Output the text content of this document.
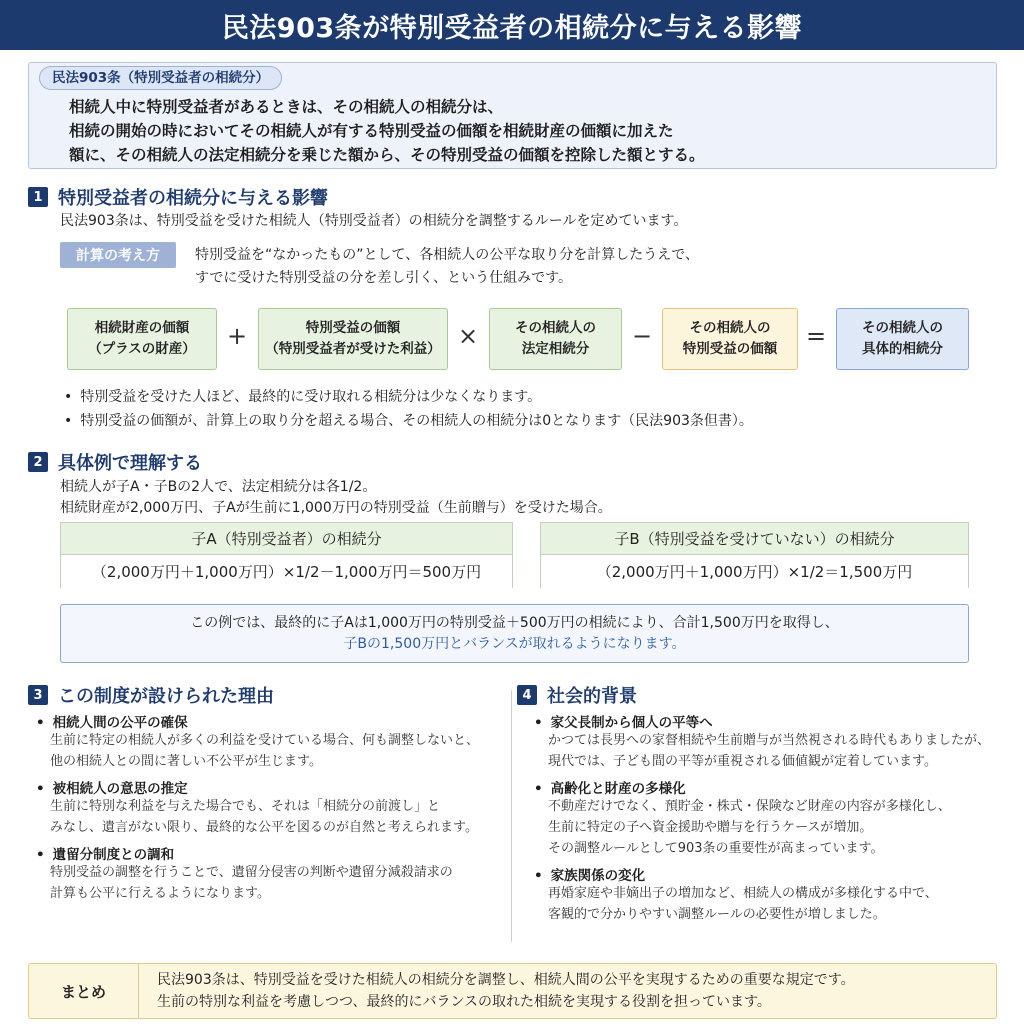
民法903条が特別受益者の相続分に与える影響
民法903条（特別受益者の相続分）
相続人中に特別受益者があるときは、その相続人の相続分は、
相続の開始の時においてその相続人が有する特別受益の価額を相続財産の価額に加えた
額に、その相続人の法定相続分を乗じた額から、その特別受益の価額を控除した額とする。
1 特別受益者の相続分に与える影響
民法903条は、特別受益を受けた相続人（特別受益者）の相続分を調整するルールを定めています。
計算の考え方	特別受益を“なかったもの”として、各相続人の公平な取り分を計算したうえで、
すでに受けた特別受益の分を差し引く、という仕組みです。
相続財産の価額
（プラスの財産） +	特別受益の価額
（特別受益者が受けた利益） ×	その相続人の
法定相続分 −	その相続人の
特別受益の価額 =	その相続人の
具体的相続分
• 特別受益を受けた人ほど、最終的に受け取れる相続分は少なくなります。
• 特別受益の価額が、計算上の取り分を超える場合、その相続人の相続分は0となります（民法903条但書）。
2 具体例で理解する
相続人が子A・子Bの2人で、法定相続分は各1/2。
相続財産が2,000万円、子Aが生前に1,000万円の特別受益（生前贈与）を受けた場合。
子A（特別受益者）の相続分
（2,000万円＋1,000万円）×1/2－1,000万円＝500万円
子B（特別受益を受けていない）の相続分
（2,000万円＋1,000万円）×1/2＝1,500万円
この例では、最終的に子Aは1,000万円の特別受益＋500万円の相続により、合計1,500万円を取得し、
子Bの1,500万円とバランスが取れるようになります。
3 この制度が設けられた理由
• 相続人間の公平の確保
生前に特定の相続人が多くの利益を受けている場合、何も調整しないと、
他の相続人との間に著しい不公平が生じます。
• 被相続人の意思の推定
生前に特別な利益を与えた場合でも、それは「相続分の前渡し」と
みなし、遺言がない限り、最終的な公平を図るのが自然と考えられます。
• 遺留分制度との調和
特別受益の調整を行うことで、遺留分侵害の判断や遺留分減殺請求の
計算も公平に行えるようになります。
4 社会的背景
• 家父長制から個人の平等へ
かつては長男への家督相続や生前贈与が当然視される時代もありましたが、
現代では、子ども間の平等が重視される価値観が定着しています。
• 高齢化と財産の多様化
不動産だけでなく、預貯金・株式・保険など財産の内容が多様化し、
生前に特定の子へ資金援助や贈与を行うケースが増加。
その調整ルールとして903条の重要性が高まっています。
• 家族関係の変化
再婚家庭や非嫡出子の増加など、相続人の構成が多様化する中で、
客観的で分かりやすい調整ルールの必要性が増しました。
まとめ
民法903条は、特別受益を受けた相続人の相続分を調整し、相続人間の公平を実現するための重要な規定です。
生前の特別な利益を考慮しつつ、最終的にバランスの取れた相続を実現する役割を担っています。
